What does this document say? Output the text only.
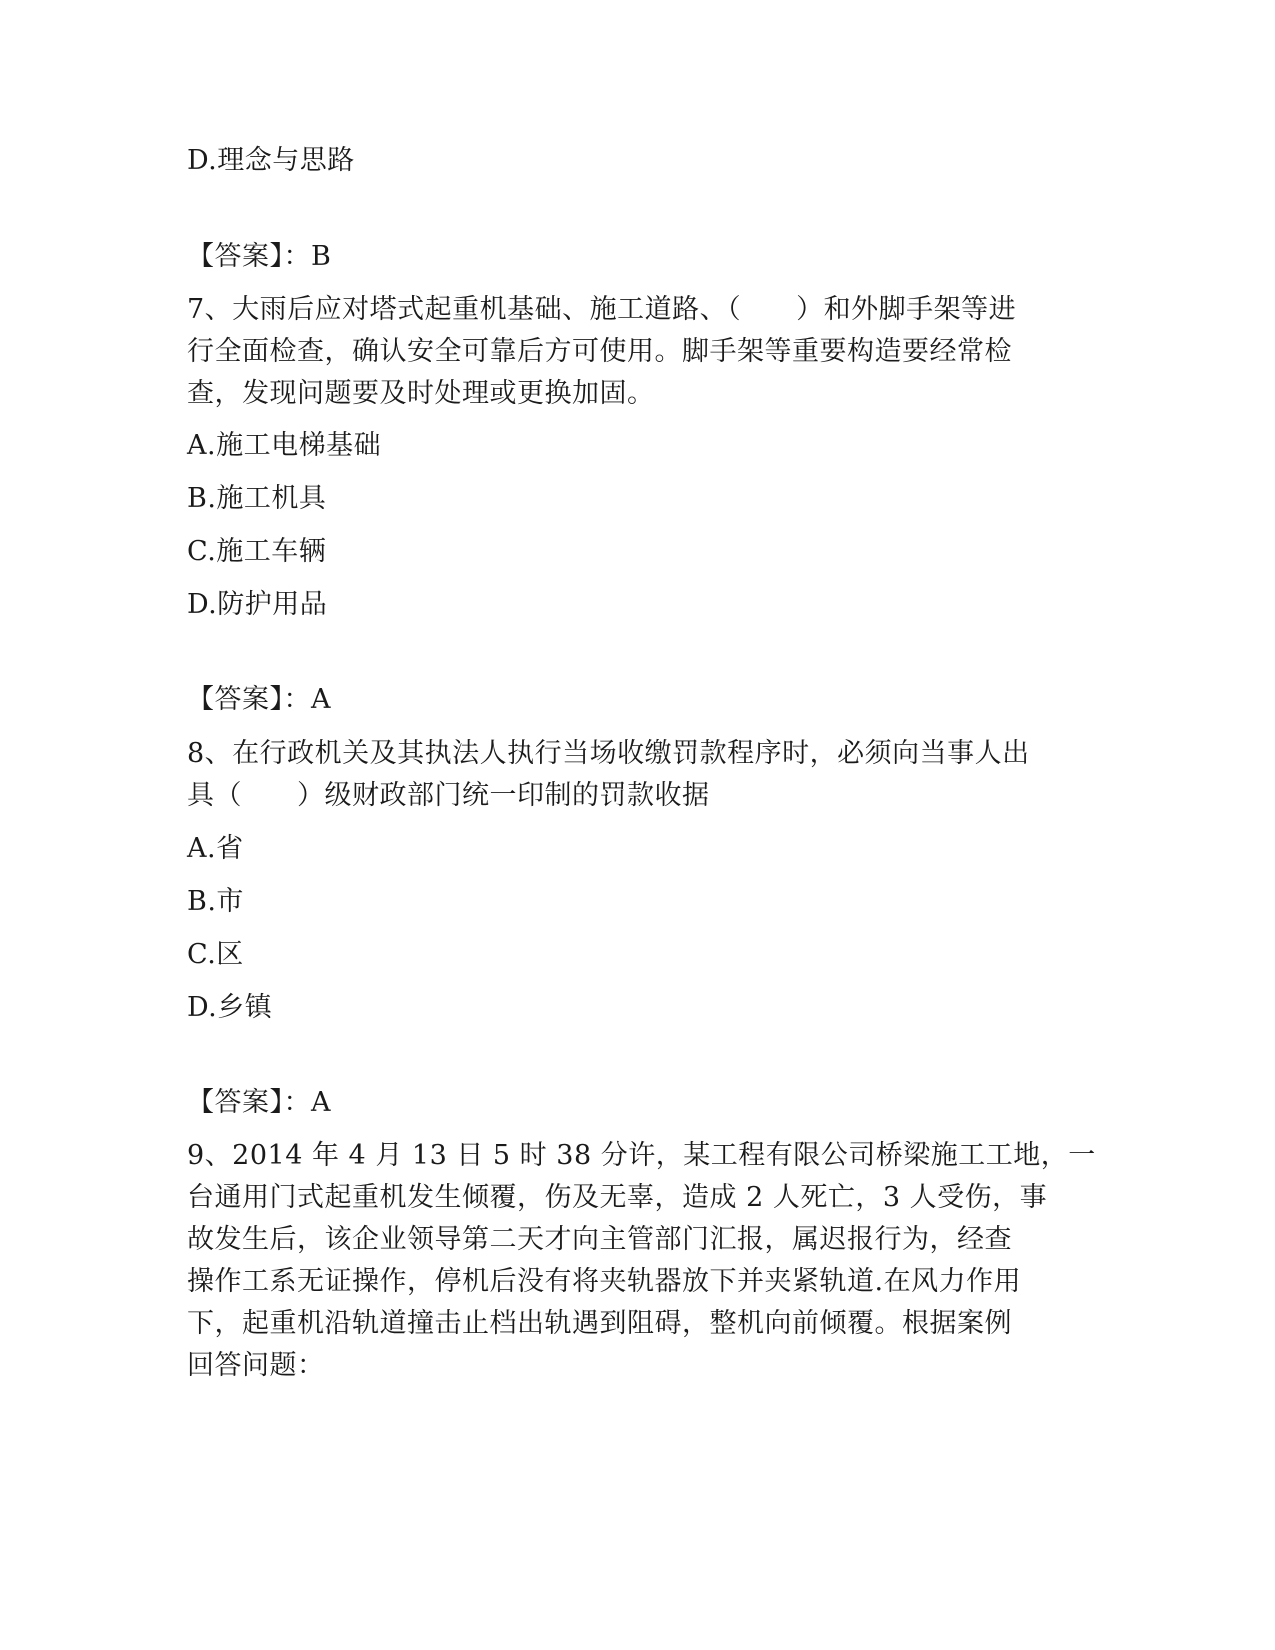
D.理念与思路
【答案】：B
7、大雨后应对塔式起重机基础、施工道路、（　　）和外脚手架等进
行全面检查，确认安全可靠后方可使用。脚手架等重要构造要经常检
查，发现问题要及时处理或更换加固。
A.施工电梯基础
B.施工机具
C.施工车辆
D.防护用品
【答案】：A
8、在行政机关及其执法人执行当场收缴罚款程序时，必须向当事人出
具（　　）级财政部门统一印制的罚款收据
A.省
B.市
C.区
D.乡镇
【答案】：A
9、2014 年 4 月 13 日 5 时 38 分许，某工程有限公司桥梁施工工地，一
台通用门式起重机发生倾覆，伤及无辜，造成 2 人死亡，3 人受伤，事
故发生后，该企业领导第二天才向主管部门汇报，属迟报行为，经查
操作工系无证操作，停机后没有将夹轨器放下并夹紧轨道.在风力作用
下，起重机沿轨道撞击止档出轨遇到阻碍，整机向前倾覆。根据案例
回答问题：
